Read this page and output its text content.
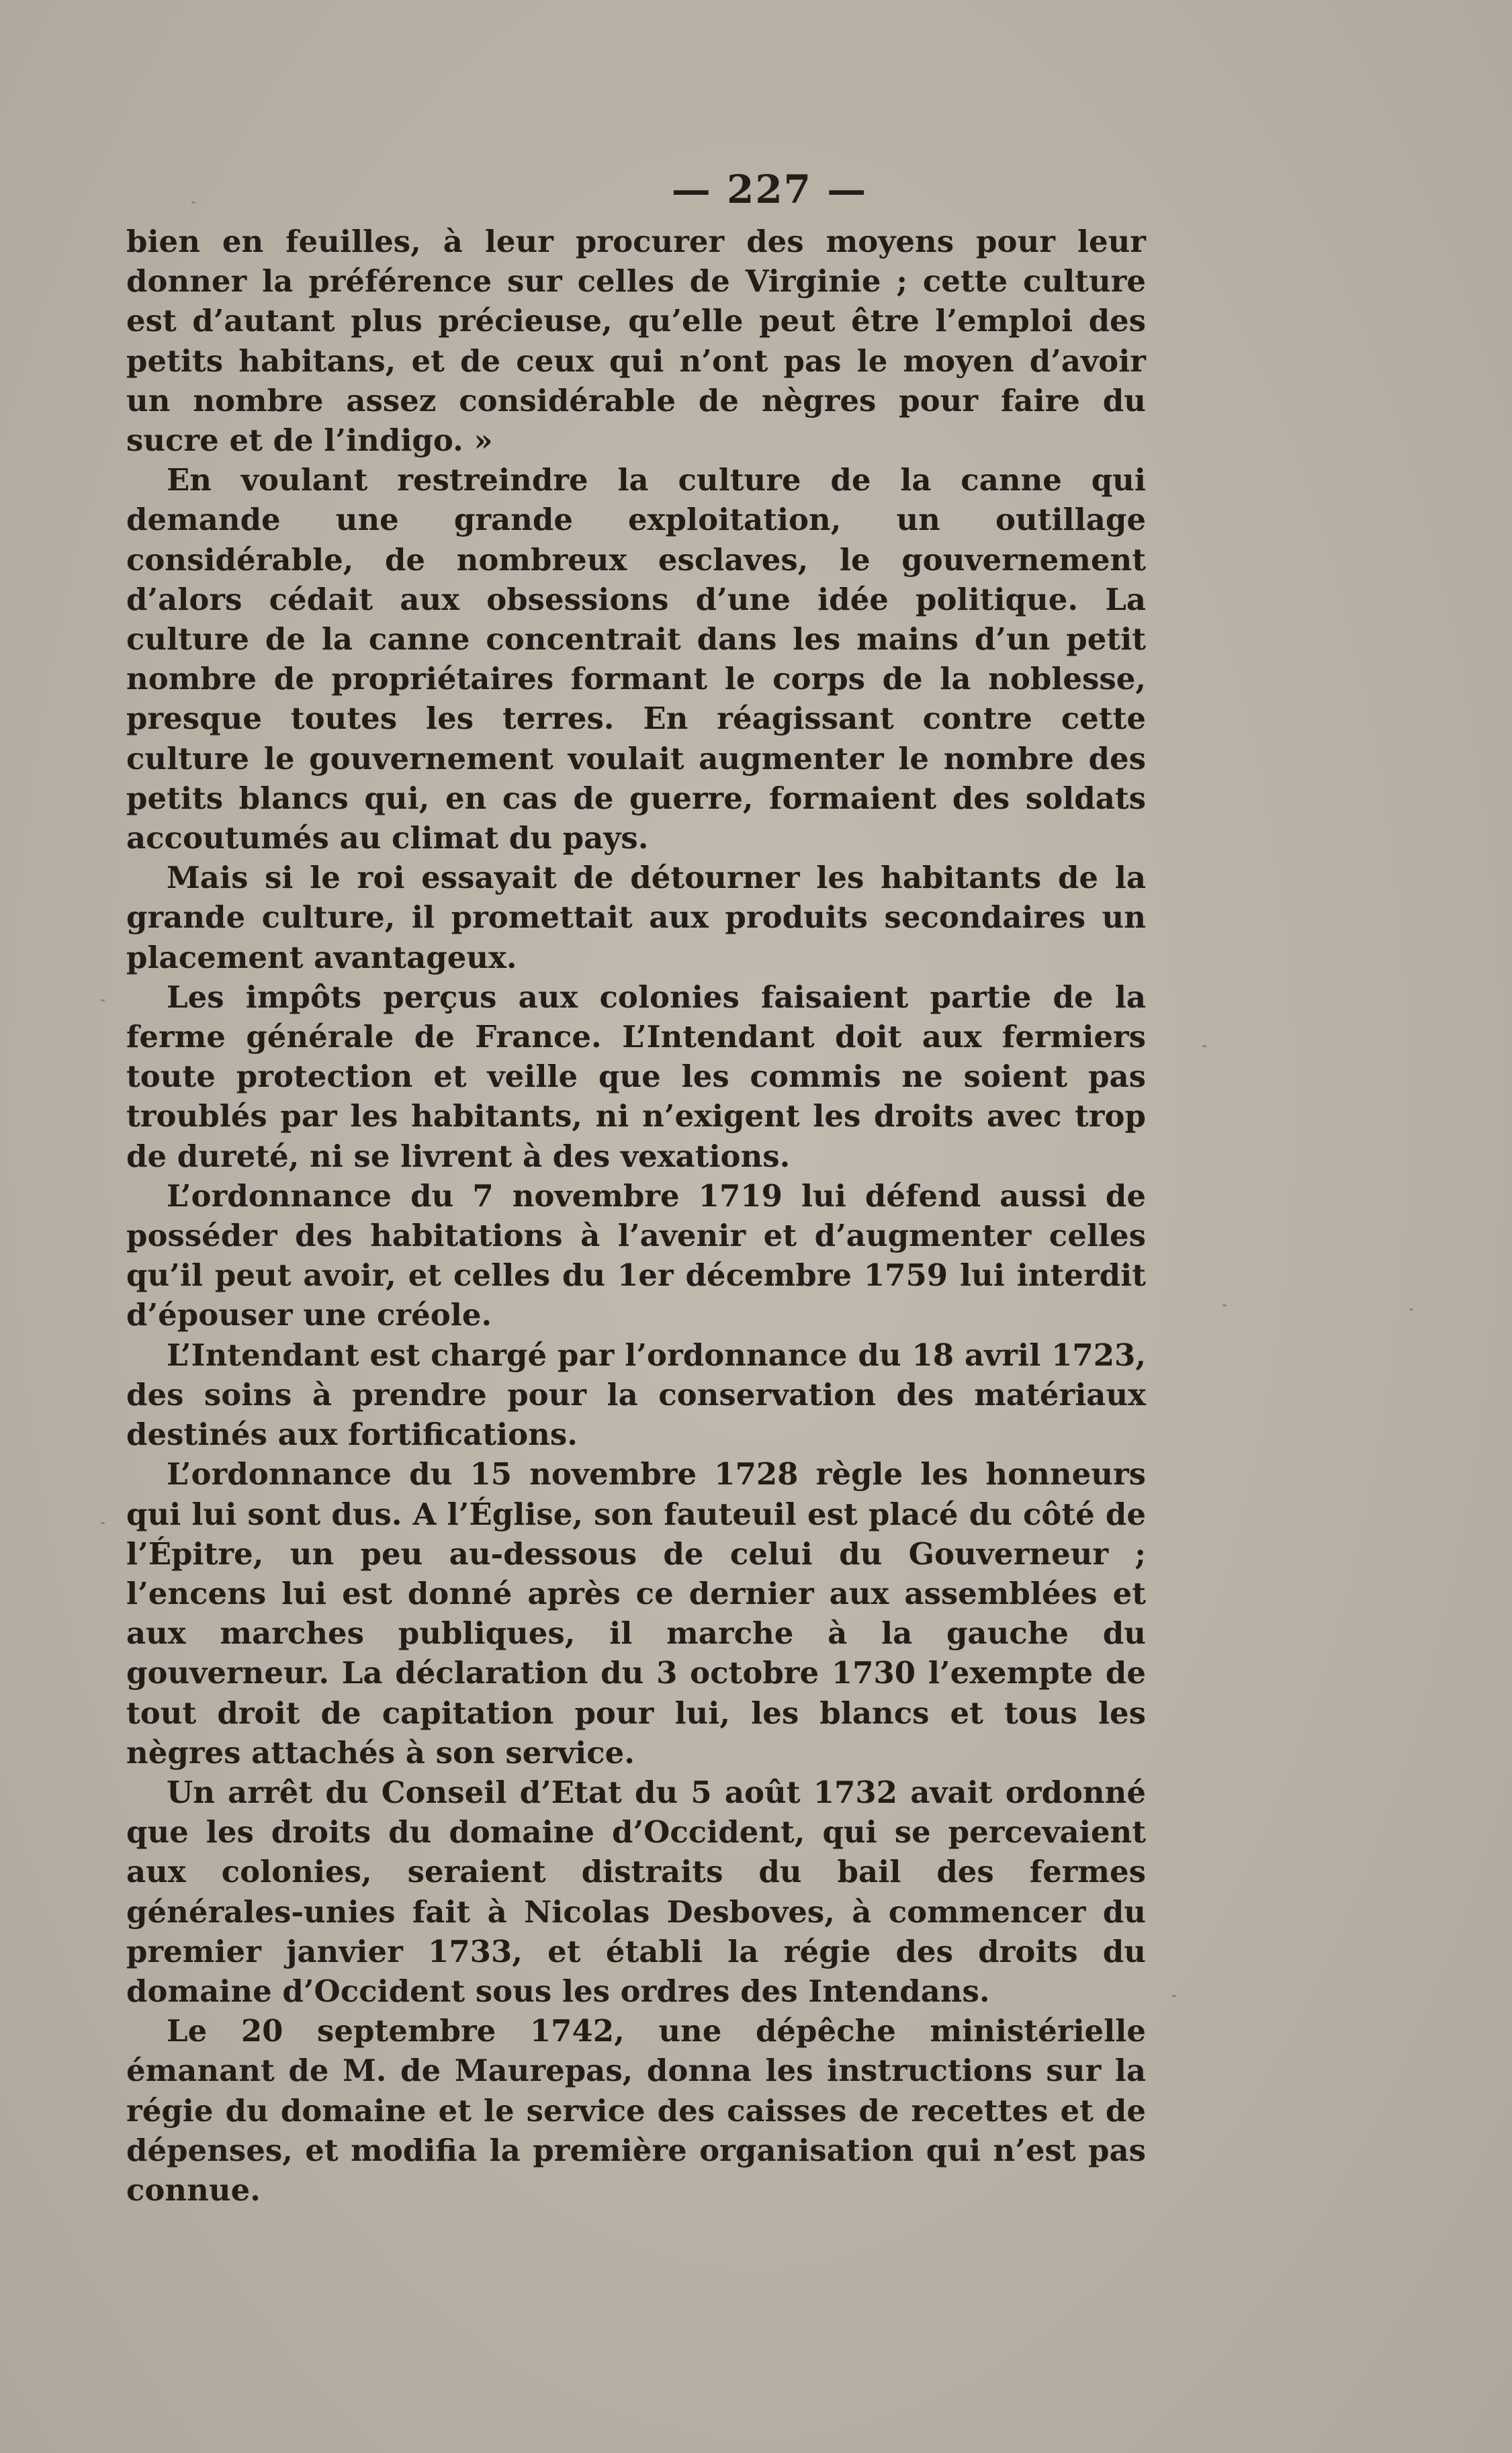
— 227 —

bien en feuilles, à leur procurer des moyens pour leur donner la préférence sur celles de Virginie ; cette culture est d’autant plus précieuse, qu’elle peut être l’emploi des petits habitans, et de ceux qui n’ont pas le moyen d’avoir un nombre assez considérable de nègres pour faire du sucre et de l’indigo. »

En voulant restreindre la culture de la canne qui demande une grande exploitation, un outillage considérable, de nombreux esclaves, le gouvernement d’alors cédait aux obsessions d’une idée politique. La culture de la canne concentrait dans les mains d’un petit nombre de propriétaires formant le corps de la noblesse, presque toutes les terres. En réagissant contre cette culture le gouvernement voulait augmenter le nombre des petits blancs qui, en cas de guerre, formaient des soldats accoutumés au climat du pays.

Mais si le roi essayait de détourner les habitants de la grande culture, il promettait aux produits secondaires un placement avantageux.

Les impôts perçus aux colonies faisaient partie de la ferme générale de France. L’Intendant doit aux fermiers toute protection et veille que les commis ne soient pas troublés par les habitants, ni n’exigent les droits avec trop de dureté, ni se livrent à des vexations.

L’ordonnance du 7 novembre 1719 lui défend aussi de posséder des habitations à l’avenir et d’augmenter celles qu’il peut avoir, et celles du 1er décembre 1759 lui interdit d’épouser une créole.

L’Intendant est chargé par l’ordonnance du 18 avril 1723, des soins à prendre pour la conservation des matériaux destinés aux fortifications.

L’ordonnance du 15 novembre 1728 règle les honneurs qui lui sont dus. A l’Église, son fauteuil est placé du côté de l’Épitre, un peu au-dessous de celui du Gouverneur ; l’encens lui est donné après ce dernier aux assemblées et aux marches publiques, il marche à la gauche du gouverneur. La déclaration du 3 octobre 1730 l’exempte de tout droit de capitation pour lui, les blancs et tous les nègres attachés à son service.

Un arrêt du Conseil d’Etat du 5 août 1732 avait ordonné que les droits du domaine d’Occident, qui se percevaient aux colonies, seraient distraits du bail des fermes générales-unies fait à Nicolas Desboves, à commencer du premier janvier 1733, et établi la régie des droits du domaine d’Occident sous les ordres des Intendans.

Le 20 septembre 1742, une dépêche ministérielle émanant de M. de Maurepas, donna les instructions sur la régie du domaine et le service des caisses de recettes et de dépenses, et modifia la première organisation qui n’est pas connue.
